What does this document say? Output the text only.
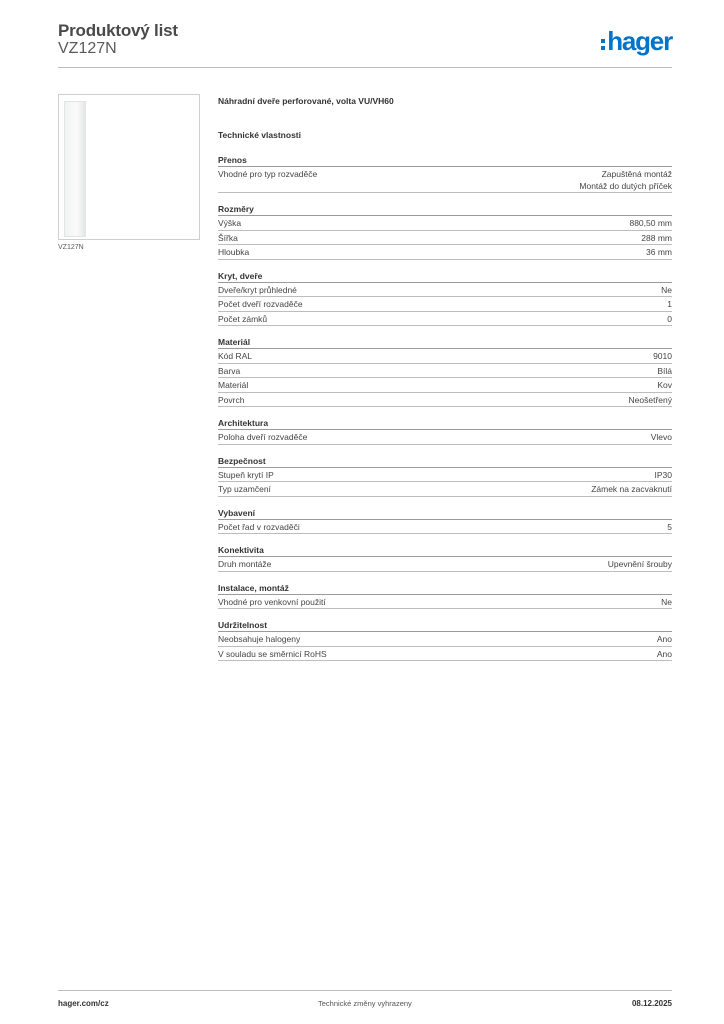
Produktový list
VZ127N	hager
VZ127N
Náhradní dveře perforované, volta VU/VH60
Technické vlastnosti
Přenos
Vhodné pro typ rozvaděče	Zapuštěná montáž
Montáž do dutých příček
Rozměry
Výška	880,50 mm
Šířka	288 mm
Hloubka	36 mm
Kryt, dveře
Dveře/kryt průhledné	Ne
Počet dveří rozvaděče	1
Počet zámků	0
Materiál
Kód RAL	9010
Barva	Bílá
Materiál	Kov
Povrch	Neošetřený
Architektura
Poloha dveří rozvaděče	Vlevo
Bezpečnost
Stupeň krytí IP	IP30
Typ uzamčení	Zámek na zacvaknutí
Vybavení
Počet řad v rozvaděči	5
Konektivita
Druh montáže	Upevnění šrouby
Instalace, montáž
Vhodné pro venkovní použití	Ne
Udržitelnost
Neobsahuje halogeny	Ano
V souladu se směrnicí RoHS	Ano
hager.com/cz	Technické změny vyhrazeny	08.12.2025
